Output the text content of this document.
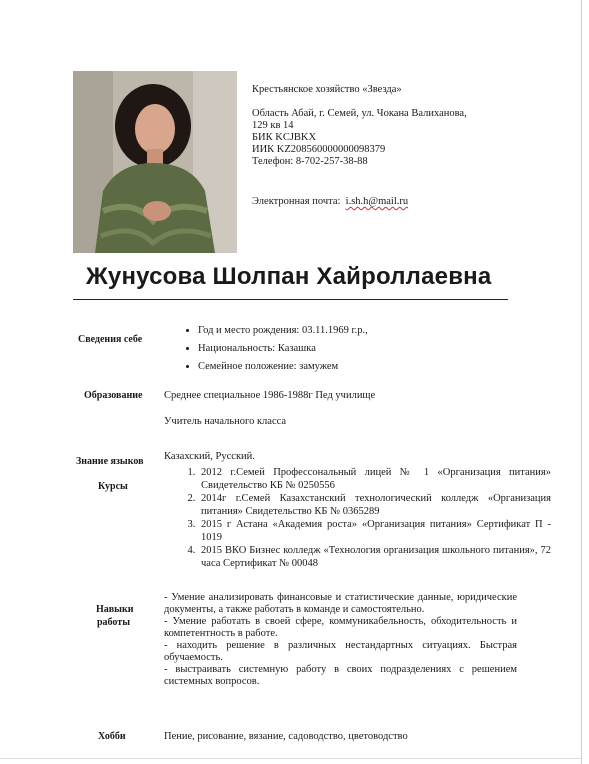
Крестьянское хозяйство «Звезда»
Область Абай, г. Семей, ул. Чокана Валиханова,
129 кв 14
БИК KCJBKX
ИИК KZ208560000000098379
Телефон: 8-702-257-38-88
Электронная почта: i.sh.h@mail.ru
Жунусова Шолпан Хайроллаевна
Сведения себе
• Год и место рождения: 03.11.1969 г.р.,
• Национальность: Казашка
• Семейное положение: замужем
Образование Среднее специальное 1986-1988г Пед училище
Учитель начального класса
Знание языков Казахский, Русский.
Курсы
1. 2012 г.Семей Профессональный лицей № 1 «Организация питания» Свидетельство КБ № 0250556
2. 2014г г.Семей Казахстанский технологический колледж «Организация питания» Свидетельство КБ № 0365289
3. 2015 г Астана «Академия роста» «Организация питания» Сертификат П - 1019
4. 2015 ВКО Бизнес колледж «Технология организация школьного питания», 72 часа Сертификат № 00048
Навыки
работы

- Умение анализировать финансовые и статистические данные, юридические документы, а также работать в команде и самостоятельно.

- Умение работать в своей сфере, коммуникабельность, обходительность и компетентность в работе.

- находить решение в различных нестандартных ситуациях. Быстрая обучаемость.

- выстраивать системную работу в своих подразделениях с решением системных вопросов.

Хобби	Пение, рисование, вязание, садоводство, цветоводство
